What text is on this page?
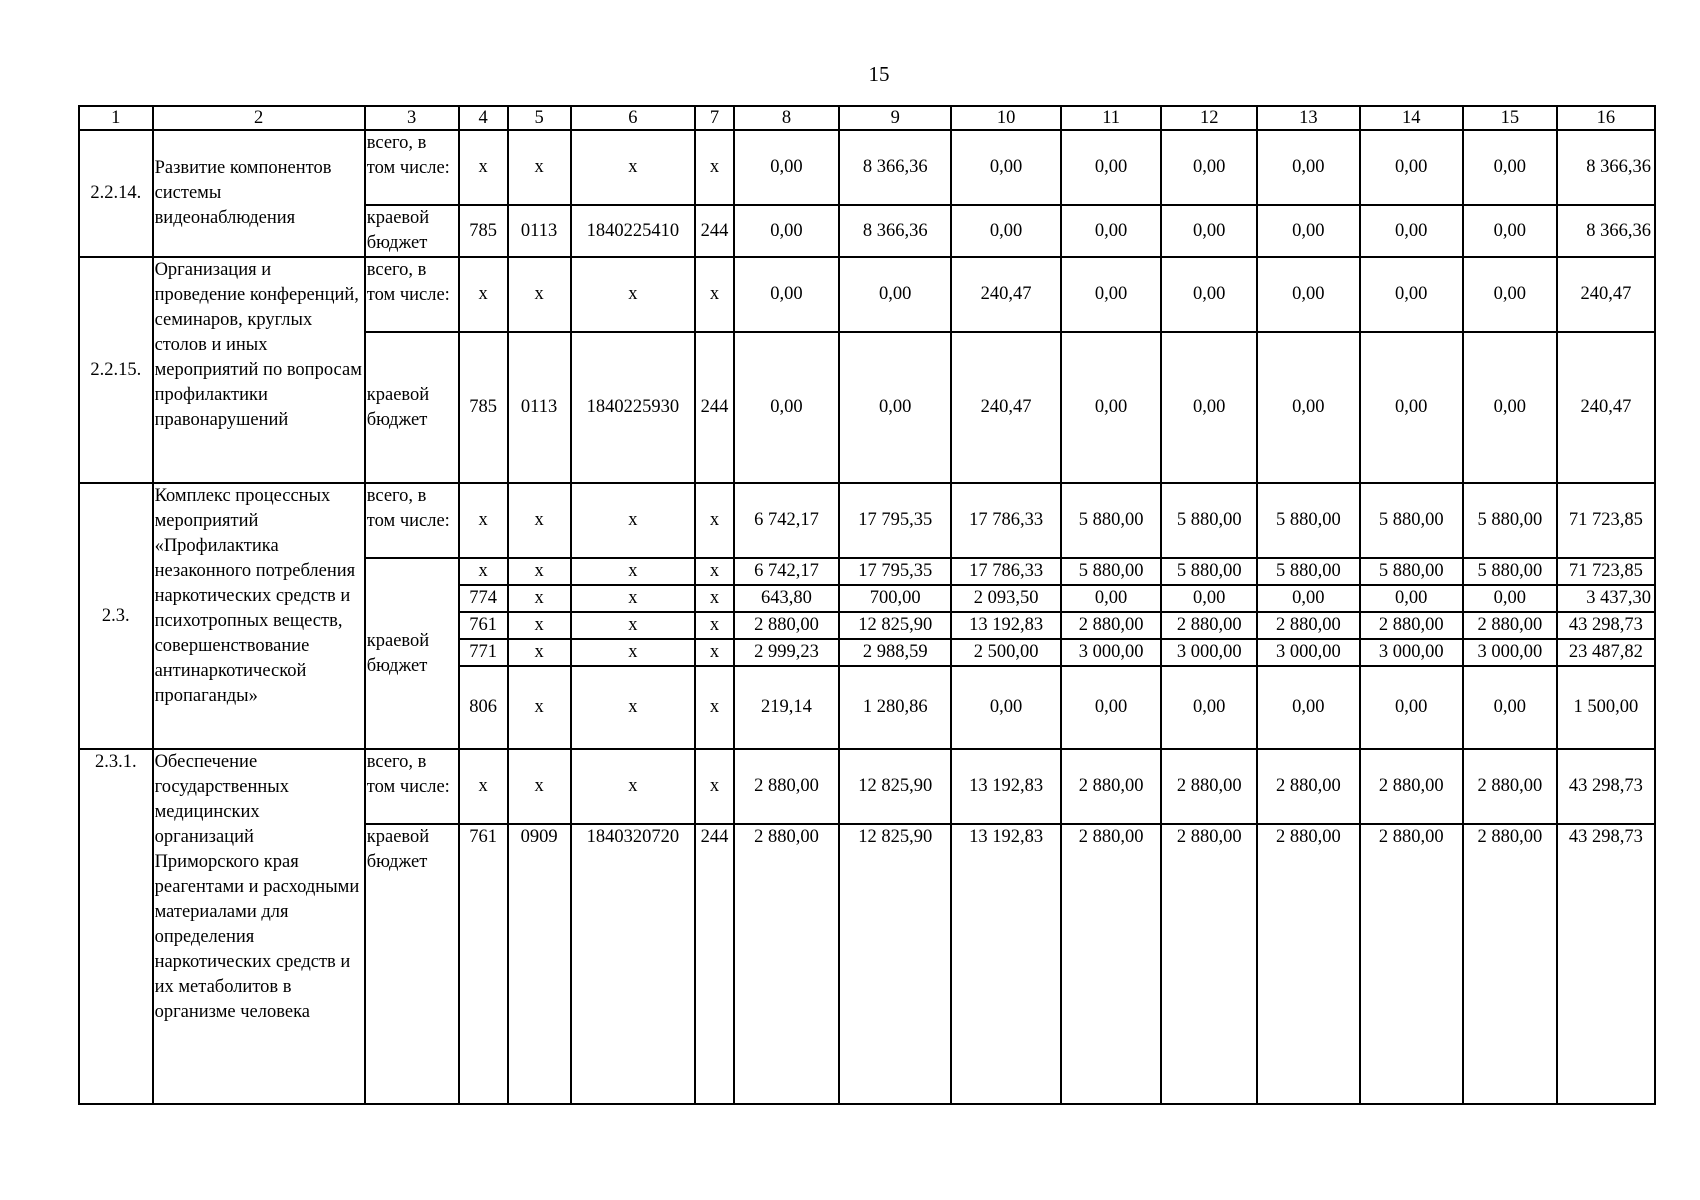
15
1	2	3	4	5	6	7	8	9	10	11	12	13	14	15	16
2.2.14.	Развитие компонентов системы видеонаблюдения	всего, в том числе:	х	х	х	х	0,00	8 366,36	0,00	0,00	0,00	0,00	0,00	0,00	8 366,36
		краевой бюджет	785	0113	1840225410	244	0,00	8 366,36	0,00	0,00	0,00	0,00	0,00	0,00	8 366,36
2.2.15.	Организация и проведение конференций, семинаров, круглых столов и иных мероприятий по вопросам профилактики правонарушений	всего, в том числе:	х	х	х	х	0,00	0,00	240,47	0,00	0,00	0,00	0,00	0,00	240,47
		краевой бюджет	785	0113	1840225930	244	0,00	0,00	240,47	0,00	0,00	0,00	0,00	0,00	240,47
2.3.	Комплекс процессных мероприятий «Профилактика незаконного потребления наркотических средств и психотропных веществ, совершенствование антинаркотической пропаганды»	всего, в том числе:	х	х	х	х	6 742,17	17 795,35	17 786,33	5 880,00	5 880,00	5 880,00	5 880,00	5 880,00	71 723,85
		краевой бюджет	х	х	х	х	6 742,17	17 795,35	17 786,33	5 880,00	5 880,00	5 880,00	5 880,00	5 880,00	71 723,85
			774	х	х	х	643,80	700,00	2 093,50	0,00	0,00	0,00	0,00	0,00	3 437,30
			761	х	х	х	2 880,00	12 825,90	13 192,83	2 880,00	2 880,00	2 880,00	2 880,00	2 880,00	43 298,73
			771	х	х	х	2 999,23	2 988,59	2 500,00	3 000,00	3 000,00	3 000,00	3 000,00	3 000,00	23 487,82
			806	х	х	х	219,14	1 280,86	0,00	0,00	0,00	0,00	0,00	0,00	1 500,00
2.3.1.	Обеспечение государственных медицинских организаций Приморского края реагентами и расходными материалами для определения наркотических средств и их метаболитов в организме человека	всего, в том числе:	х	х	х	х	2 880,00	12 825,90	13 192,83	2 880,00	2 880,00	2 880,00	2 880,00	2 880,00	43 298,73
		краевой бюджет	761	0909	1840320720	244	2 880,00	12 825,90	13 192,83	2 880,00	2 880,00	2 880,00	2 880,00	2 880,00	43 298,73
